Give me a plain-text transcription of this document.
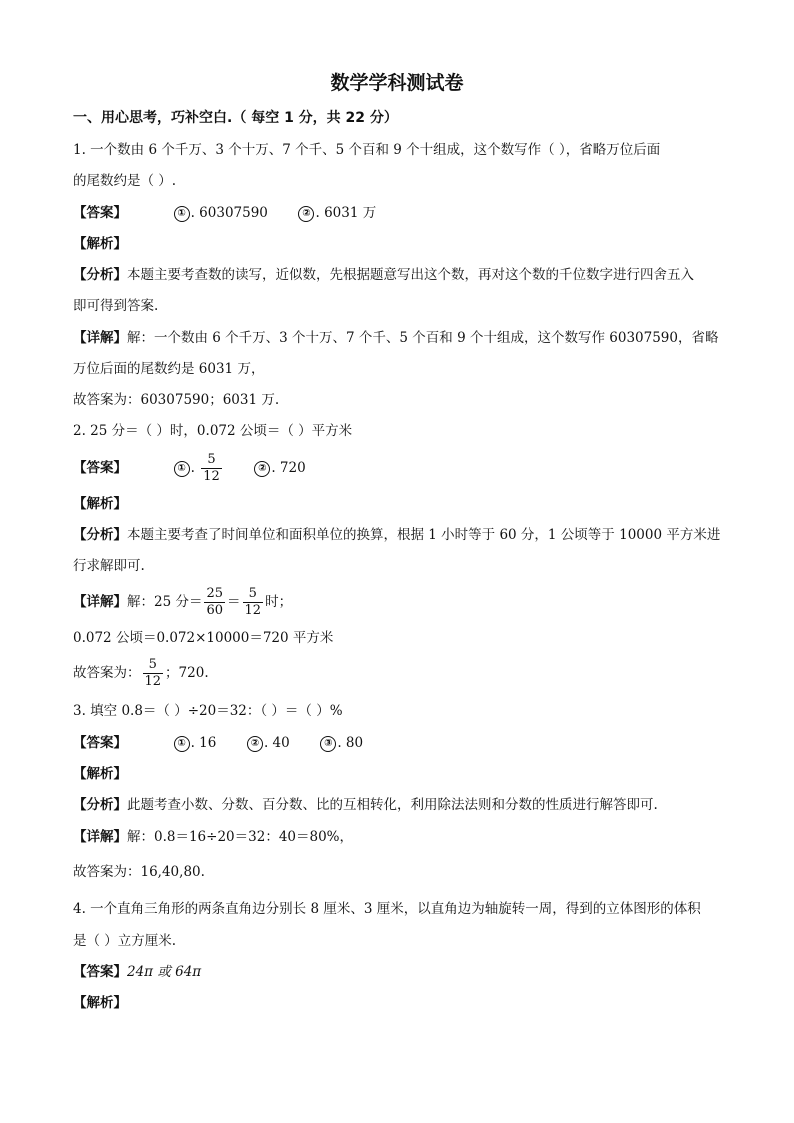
数学学科测试卷
一、用心思考，巧补空白.（ 每空 1 分，共 22 分）
1. 一个数由 6 个千万、3 个十万、7 个千、5 个百和 9 个十组成，这个数写作（ ），省略万位后面
的尾数约是（ ）.
【答案】	① . 60307590	② . 6031 万
【解析】
【分析】本题主要考查数的读写，近似数，先根据题意写出这个数，再对这个数的千位数字进行四舍五入
即可得到答案.
【详解】解：一个数由 6 个千万、3 个十万、7 个千、5 个百和 9 个十组成，这个数写作 60307590，省略
万位后面的尾数约是 6031 万，
故答案为：60307590；6031 万.
2. 25 分＝（ ）时，0.072 公顷＝（ ）平方米
【答案】	① . $\frac{5}{12}$	② . 720
【解析】
【分析】本题主要考查了时间单位和面积单位的换算，根据 1 小时等于 60 分，1 公顷等于 10000 平方米进
行求解即可.
【详解】解：25 分＝ $\frac{25}{60} = \frac{5}{12}$ 时；
0.072 公顷＝0.072×10000＝720 平方米
故答案为： $\frac{5}{12}$ ；720.
3. 填空 0.8＝（ ）÷20＝32：（ ）＝（ ）%
【答案】	① . 16	② . 40	③ . 80
【解析】
【分析】此题考查小数、分数、百分数、比的互相转化，利用除法法则和分数的性质进行解答即可.
【详解】解：0.8＝16÷20＝32：40＝80%，
故答案为：16,40,80.
4. 一个直角三角形的两条直角边分别长 8 厘米、3 厘米，以直角边为轴旋转一周，得到的立体图形的体积
是（ ）立方厘米.
【答案】24π 或 64π
【解析】
